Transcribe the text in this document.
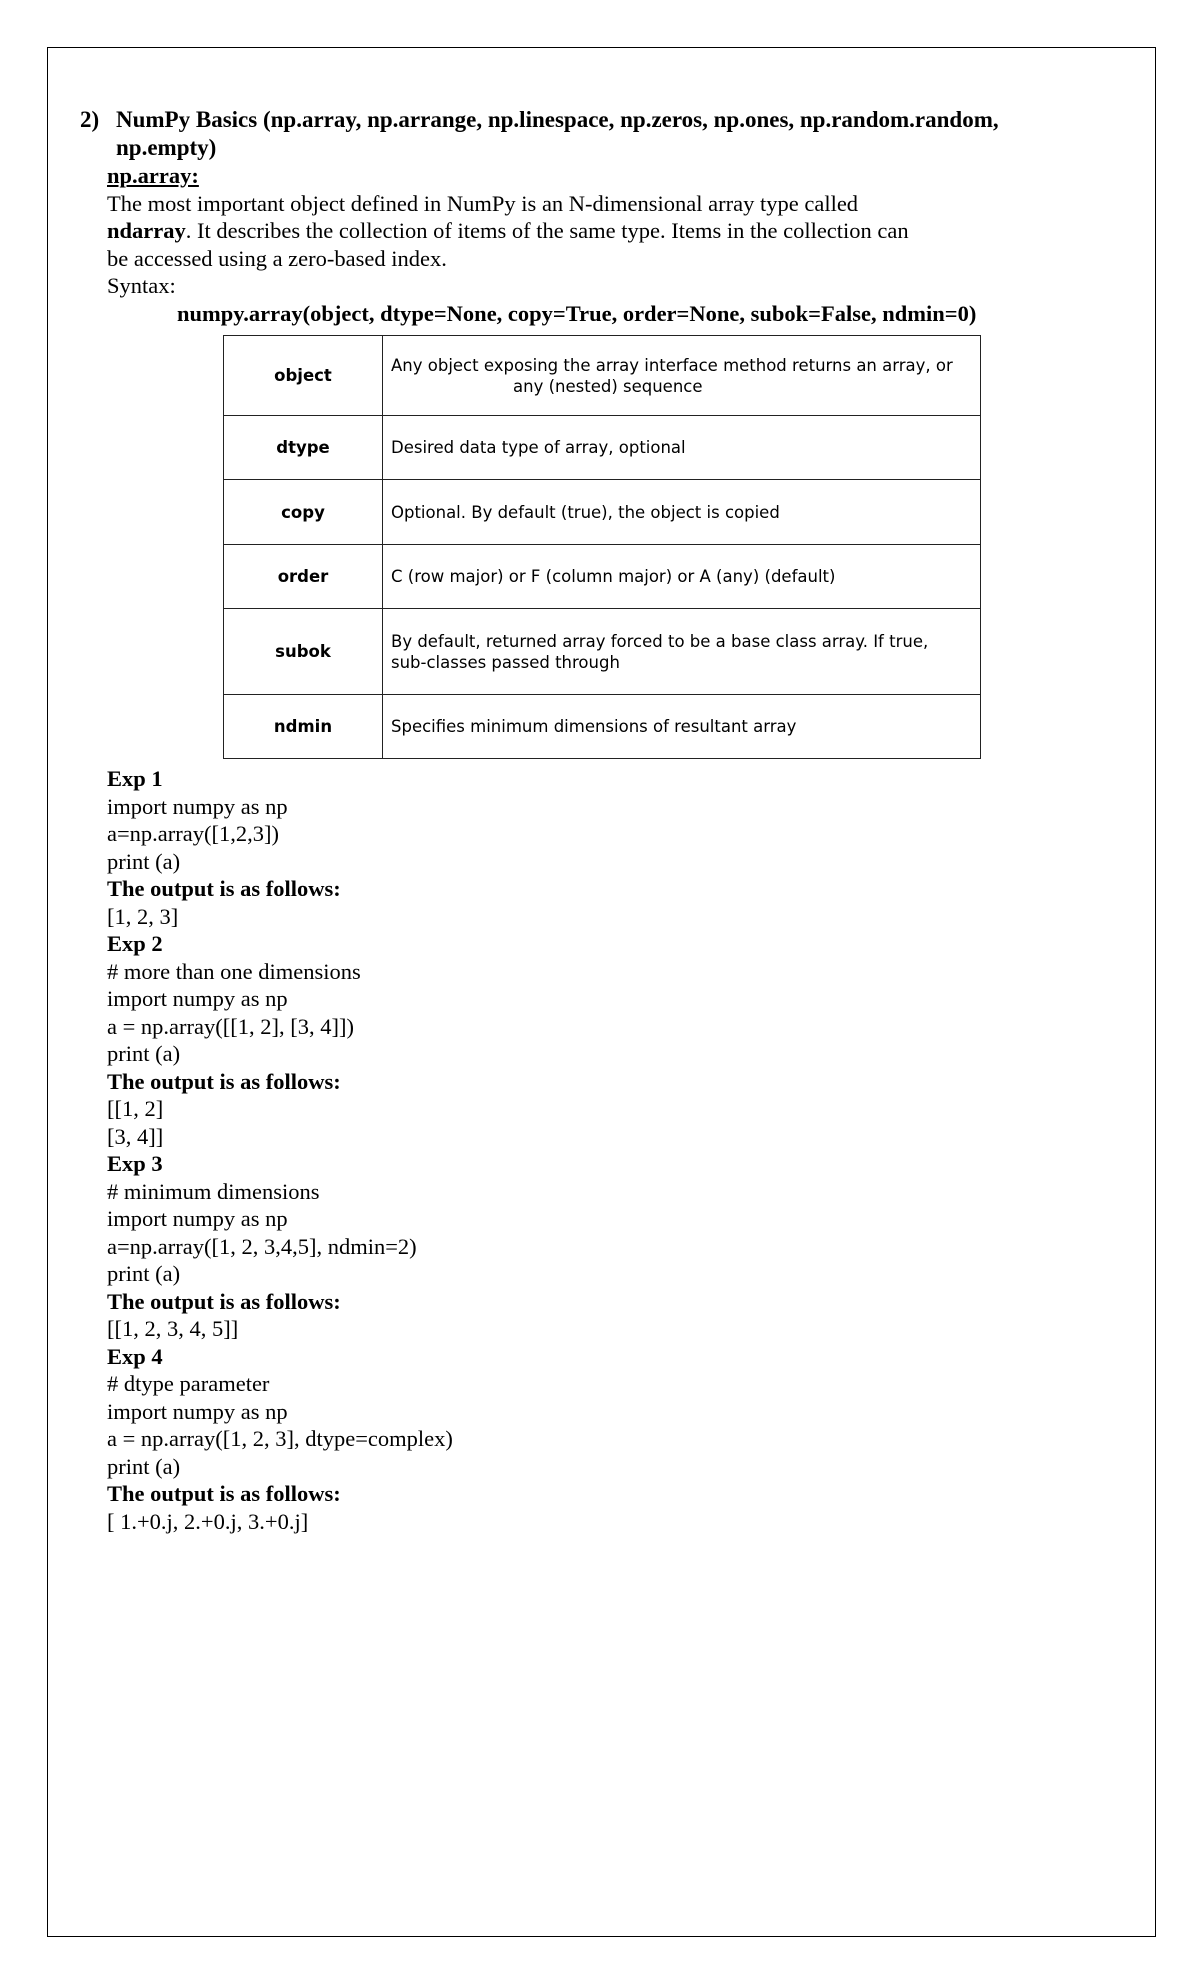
2) NumPy Basics (np.array, np.arrange, np.linespace, np.zeros, np.ones, np.random.random, np.empty)
np.array:
The most important object defined in NumPy is an N-dimensional array type called
ndarray. It describes the collection of items of the same type. Items in the collection can
be accessed using a zero-based index.
Syntax:
numpy.array(object, dtype=None, copy=True, order=None, subok=False, ndmin=0)
object	Any object exposing the array interface method returns an array, or
any (nested) sequence

dtype	Desired data type of array, optional
copy	Optional. By default (true), the object is copied
order	C (row major) or F (column major) or A (any) (default)
subok	By default, returned array forced to be a base class array. If true,
sub-classes passed through

ndmin	Specifies minimum dimensions of resultant array
Exp 1
import numpy as np
a=np.array([1,2,3])
print (a)
The output is as follows:
[1, 2, 3]
Exp 2
# more than one dimensions
import numpy as np
a = np.array([[1, 2], [3, 4]])
print (a)
The output is as follows:
[[1, 2]
[3, 4]]
Exp 3
# minimum dimensions
import numpy as np
a=np.array([1, 2, 3,4,5], ndmin=2)
print (a)
The output is as follows:
[[1, 2, 3, 4, 5]]
Exp 4
# dtype parameter
import numpy as np
a = np.array([1, 2, 3], dtype=complex)
print (a)
The output is as follows:
[ 1.+0.j, 2.+0.j, 3.+0.j]
